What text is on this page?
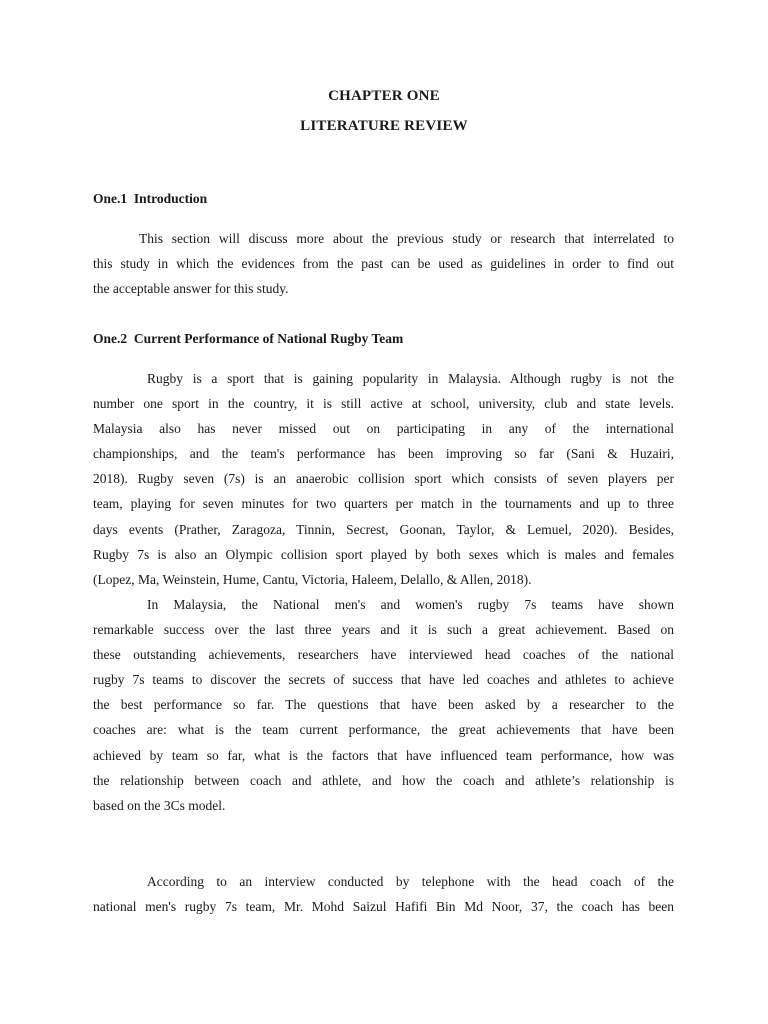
CHAPTER ONE
LITERATURE REVIEW
One.1  Introduction
This section will discuss more about the previous study or research that interrelated to
this study in which the evidences from the past can be used as guidelines in order to find out
the acceptable answer for this study.
One.2  Current Performance of National Rugby Team
Rugby is a sport that is gaining popularity in Malaysia. Although rugby is not the
number one sport in the country, it is still active at school, university, club and state levels.
Malaysia also has never missed out on participating in any of the international
championships, and the team's performance has been improving so far (Sani & Huzairi,
2018). Rugby seven (7s) is an anaerobic collision sport which consists of seven players per
team, playing for seven minutes for two quarters per match in the tournaments and up to three
days events (Prather, Zaragoza, Tinnin, Secrest, Goonan, Taylor, & Lemuel, 2020). Besides,
Rugby 7s is also an Olympic collision sport played by both sexes which is males and females
(Lopez, Ma, Weinstein, Hume, Cantu, Victoria, Haleem, Delallo, & Allen, 2018).
In Malaysia, the National men's and women's rugby 7s teams have shown
remarkable success over the last three years and it is such a great achievement. Based on
these outstanding achievements, researchers have interviewed head coaches of the national
rugby 7s teams to discover the secrets of success that have led coaches and athletes to achieve
the best performance so far. The questions that have been asked by a researcher to the
coaches are: what is the team current performance, the great achievements that have been
achieved by team so far, what is the factors that have influenced team performance, how was
the relationship between coach and athlete, and how the coach and athlete’s relationship is
based on the 3Cs model.
According to an interview conducted by telephone with the head coach of the
national men's rugby 7s team, Mr. Mohd Saizul Hafifi Bin Md Noor, 37, the coach has been
